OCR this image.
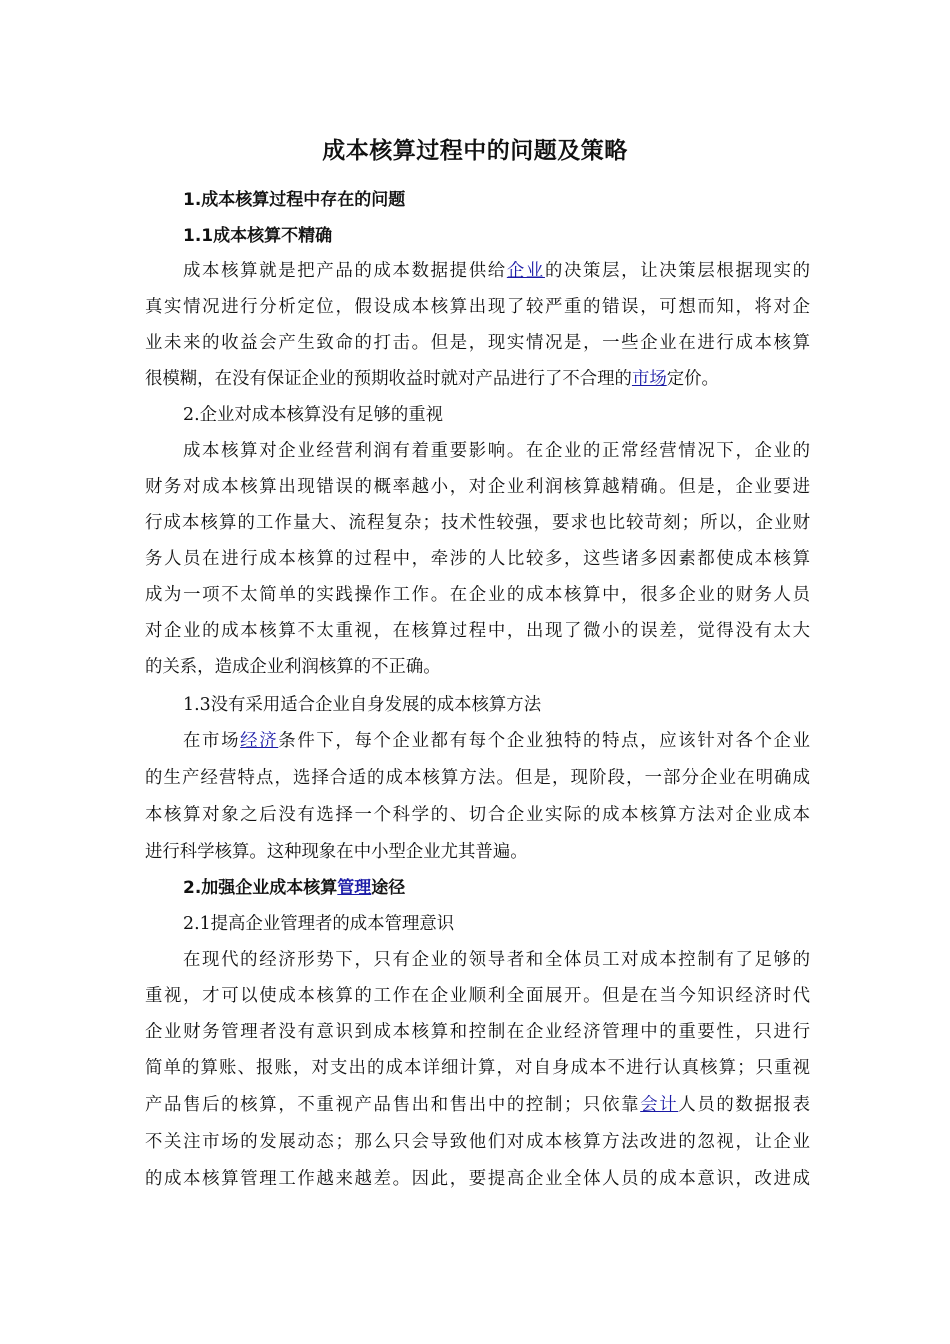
成本核算过程中的问题及策略

1.成本核算过程中存在的问题

1.1成本核算不精确

成本核算就是把产品的成本数据提供给企业的决策层，让决策层根据现实的

真实情况进行分析定位，假设成本核算出现了较严重的错误，可想而知，将对企

业未来的收益会产生致命的打击。但是，现实情况是，一些企业在进行成本核算

很模糊，在没有保证企业的预期收益时就对产品进行了不合理的市场定价。

2.企业对成本核算没有足够的重视

成本核算对企业经营利润有着重要影响。在企业的正常经营情况下，企业的

财务对成本核算出现错误的概率越小，对企业利润核算越精确。但是，企业要进

行成本核算的工作量大、流程复杂；技术性较强，要求也比较苛刻；所以，企业财

务人员在进行成本核算的过程中，牵涉的人比较多，这些诸多因素都使成本核算

成为一项不太简单的实践操作工作。在企业的成本核算中，很多企业的财务人员

对企业的成本核算不太重视，在核算过程中，出现了微小的误差，觉得没有太大

的关系，造成企业利润核算的不正确。

1.3没有采用适合企业自身发展的成本核算方法

在市场经济条件下，每个企业都有每个企业独特的特点，应该针对各个企业

的生产经营特点，选择合适的成本核算方法。但是，现阶段，一部分企业在明确成

本核算对象之后没有选择一个科学的、切合企业实际的成本核算方法对企业成本

进行科学核算。这种现象在中小型企业尤其普遍。

2.加强企业成本核算管理途径

2.1提高企业管理者的成本管理意识

在现代的经济形势下，只有企业的领导者和全体员工对成本控制有了足够的

重视，才可以使成本核算的工作在企业顺利全面展开。但是在当今知识经济时代

企业财务管理者没有意识到成本核算和控制在企业经济管理中的重要性，只进行

简单的算账、报账，对支出的成本详细计算，对自身成本不进行认真核算；只重视

产品售后的核算，不重视产品售出和售出中的控制；只依靠会计人员的数据报表

不关注市场的发展动态；那么只会导致他们对成本核算方法改进的忽视，让企业

的成本核算管理工作越来越差。因此，要提高企业全体人员的成本意识，改进成
